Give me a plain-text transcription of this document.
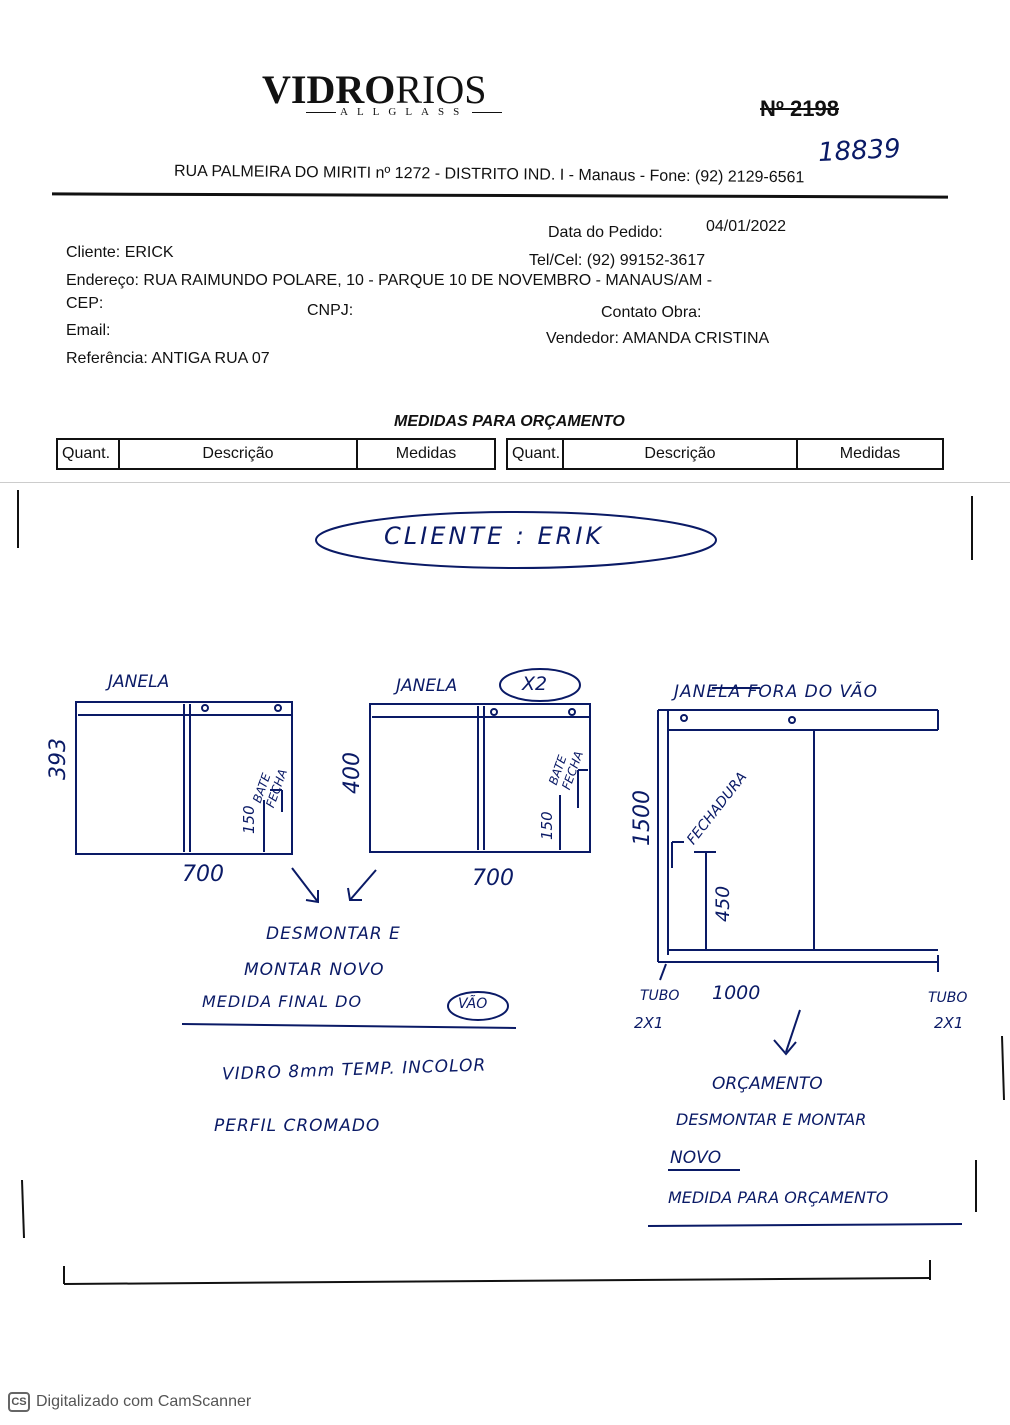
VIDRORIOS
ALLGLASS	Nº 2198
18839
RUA PALMEIRA DO MIRITI nº 1272 - DISTRITO IND. I - Manaus - Fone: (92) 2129-6561
Data do Pedido:	04/01/2022
Cliente: ERICK	Tel/Cel: (92) 99152-3617
Endereço: RUA RAIMUNDO POLARE, 10 - PARQUE 10 DE NOVEMBRO - MANAUS/AM -
CEP:	CNPJ:	Contato Obra:
Email:	Vendedor: AMANDA CRISTINA
Referência: ANTIGA RUA 07
MEDIDAS PARA ORÇAMENTO
Quant.	Descrição	Medidas	Quant.	Descrição	Medidas
CLIENTE : ERIK
JANELA
393
700
150
BATE FECHA
JANELA	X2
400
700
150
BATE FECHA
JANELA FORA DO VÃO
1500
1000
450
FECHADURA
TUBO
2X1
TUBO
2X1
DESMONTAR E
MONTAR NOVO
MEDIDA FINAL DO	VÃO
VIDRO 8mm TEMP. INCOLOR
PERFIL CROMADO
ORÇAMENTO
DESMONTAR E MONTAR
NOVO
MEDIDA PARA ORÇAMENTO
CS Digitalizado com CamScanner
